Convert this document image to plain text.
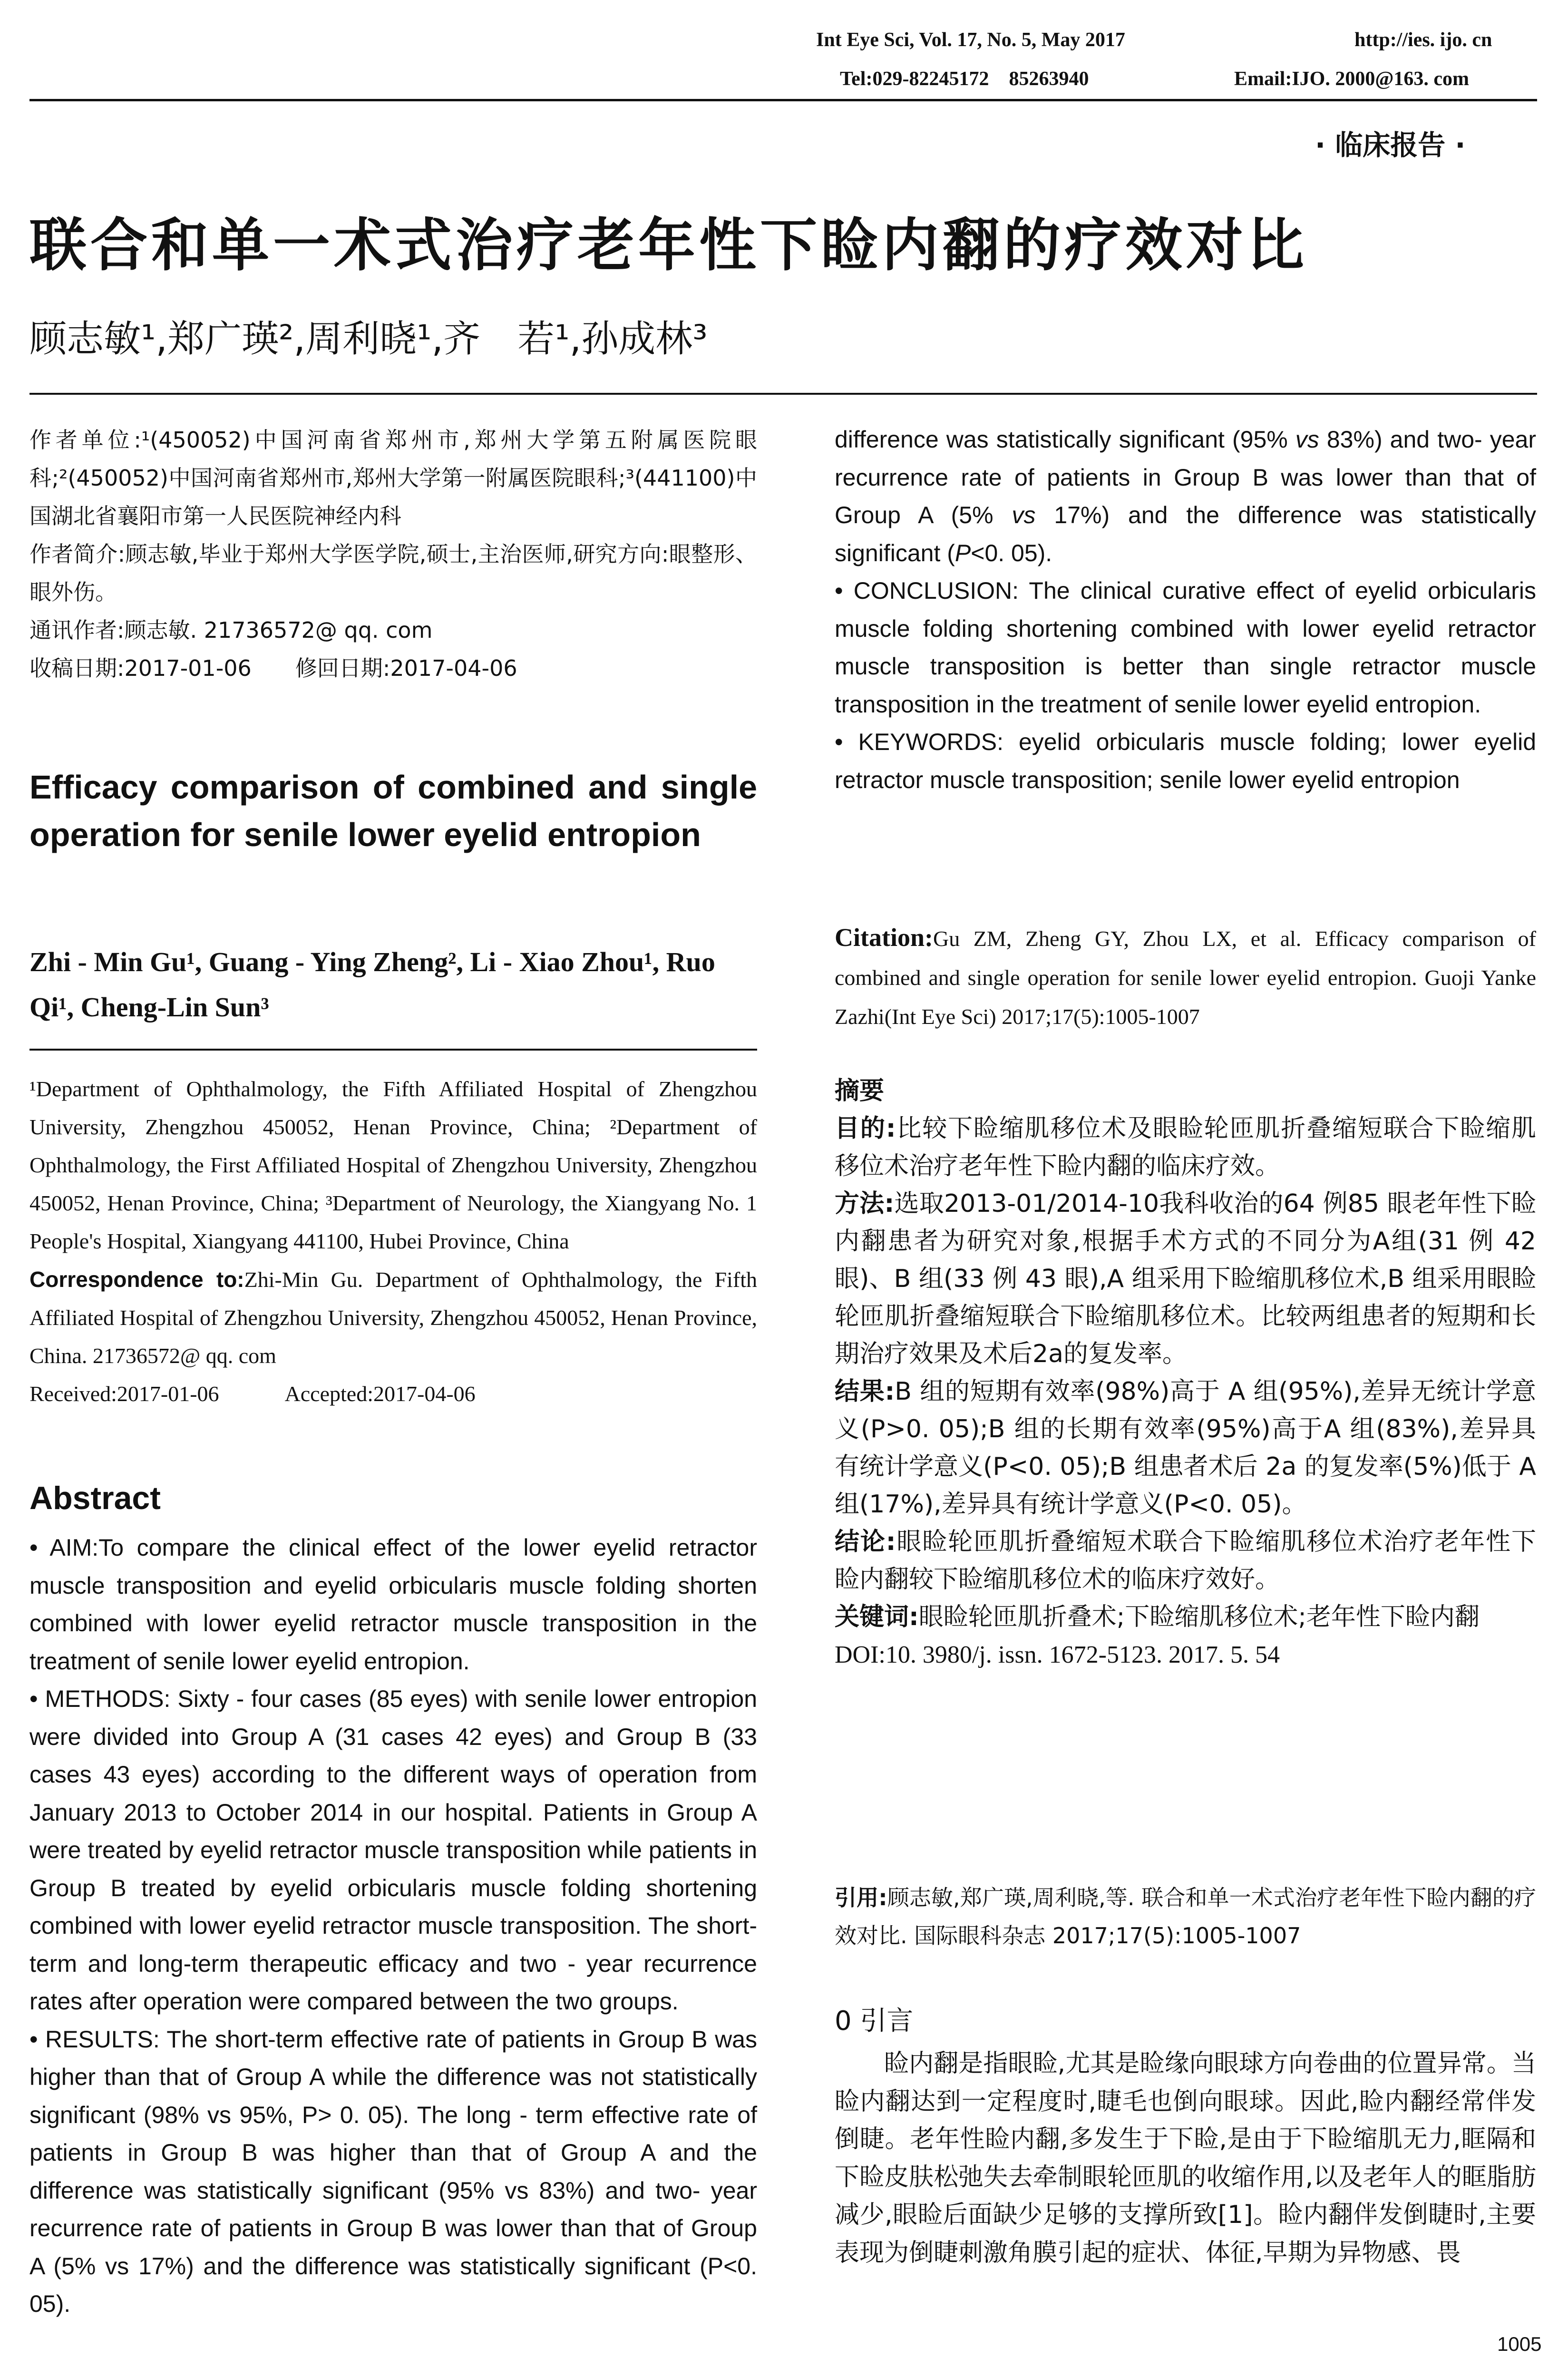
Int Eye Sci, Vol. 17, No. 5, May 2017	http://ies. ijo. cn
Tel:029-82245172    85263940	Email:IJO. 2000@163. com
· 临床报告 ·
联合和单一术式治疗老年性下睑内翻的疗效对比
顾志敏¹,郑广瑛²,周利晓¹,齐　若¹,孙成林³

作者单位:¹(450052)中国河南省郑州市,郑州大学第五附属医院眼科;²(450052)中国河南省郑州市,郑州大学第一附属医院眼科;³(441100)中国湖北省襄阳市第一人民医院神经内科

作者简介:顾志敏,毕业于郑州大学医学院,硕士,主治医师,研究方向:眼整形、眼外伤。

通讯作者:顾志敏. 21736572@ qq. com

收稿日期:2017-01-06　　修回日期:2017-04-06

Efficacy comparison of combined and single operation for senile lower eyelid entropion
Zhi - Min Gu¹, Guang - Ying Zheng², Li - Xiao Zhou¹, Ruo Qi¹, Cheng-Lin Sun³

¹Department of Ophthalmology, the Fifth Affiliated Hospital of Zhengzhou University, Zhengzhou 450052, Henan Province, China; ²Department of Ophthalmology, the First Affiliated Hospital of Zhengzhou University, Zhengzhou 450052, Henan Province, China; ³Department of Neurology, the Xiangyang No. 1 People's Hospital, Xiangyang 441100, Hubei Province, China

Correspondence to:Zhi-Min Gu. Department of Ophthalmology, the Fifth Affiliated Hospital of Zhengzhou University, Zhengzhou 450052, Henan Province, China. 21736572@ qq. com

Received:2017-01-06　　　Accepted:2017-04-06

Abstract

• AIM:To compare the clinical effect of the lower eyelid retractor muscle transposition and eyelid orbicularis muscle folding shorten combined with lower eyelid retractor muscle transposition in the treatment of senile lower eyelid entropion.

• METHODS: Sixty - four cases (85 eyes) with senile lower entropion were divided into Group A (31 cases 42 eyes) and Group B (33 cases 43 eyes) according to the different ways of operation from January 2013 to October 2014 in our hospital. Patients in Group A were treated by eyelid retractor muscle transposition while patients in Group B treated by eyelid orbicularis muscle folding shortening combined with lower eyelid retractor muscle transposition. The short-term and long-term therapeutic efficacy and two - year recurrence rates after operation were compared between the two groups.

• RESULTS: The short-term effective rate of patients in Group B was higher than that of Group A while the difference was not statistically significant (98% vs 95%, P> 0. 05). The long - term effective rate of patients in Group B was higher than that of Group A and the difference was statistically significant (95% vs 83%) and two- year recurrence rate of patients in Group B was lower than that of Group A (5% vs 17%) and the difference was statistically significant (P<0. 05).

difference was statistically significant (95% vs 83%) and two- year recurrence rate of patients in Group B was lower than that of Group A (5% vs 17%) and the difference was statistically significant (P<0. 05).

• CONCLUSION: The clinical curative effect of eyelid orbicularis muscle folding shortening combined with lower eyelid retractor muscle transposition is better than single retractor muscle transposition in the treatment of senile lower eyelid entropion.

• KEYWORDS: eyelid orbicularis muscle folding; lower eyelid retractor muscle transposition; senile lower eyelid entropion

Citation:Gu ZM, Zheng GY, Zhou LX, et al. Efficacy comparison of combined and single operation for senile lower eyelid entropion. Guoji Yanke Zazhi(Int Eye Sci) 2017;17(5):1005-1007

摘要

目的:比较下睑缩肌移位术及眼睑轮匝肌折叠缩短联合下睑缩肌移位术治疗老年性下睑内翻的临床疗效。

方法:选取2013-01/2014-10我科收治的64 例85 眼老年性下睑内翻患者为研究对象,根据手术方式的不同分为A组(31 例 42 眼)、B 组(33 例 43 眼),A 组采用下睑缩肌移位术,B 组采用眼睑轮匝肌折叠缩短联合下睑缩肌移位术。比较两组患者的短期和长期治疗效果及术后2a的复发率。

结果:B 组的短期有效率(98%)高于 A 组(95%),差异无统计学意义(P>0. 05);B 组的长期有效率(95%)高于A 组(83%),差异具有统计学意义(P<0. 05);B 组患者术后 2a 的复发率(5%)低于 A 组(17%),差异具有统计学意义(P<0. 05)。

结论:眼睑轮匝肌折叠缩短术联合下睑缩肌移位术治疗老年性下睑内翻较下睑缩肌移位术的临床疗效好。

关键词:眼睑轮匝肌折叠术;下睑缩肌移位术;老年性下睑内翻

DOI:10. 3980/j. issn. 1672-5123. 2017. 5. 54

引用:顾志敏,郑广瑛,周利晓,等. 联合和单一术式治疗老年性下睑内翻的疗效对比. 国际眼科杂志 2017;17(5):1005-1007
0 引言
睑内翻是指眼睑,尤其是睑缘向眼球方向卷曲的位置异常。当睑内翻达到一定程度时,睫毛也倒向眼球。因此,睑内翻经常伴发倒睫。老年性睑内翻,多发生于下睑,是由于下睑缩肌无力,眶隔和下睑皮肤松弛失去牵制眼轮匝肌的收缩作用,以及老年人的眶脂肪减少,眼睑后面缺少足够的支撑所致[1]。睑内翻伴发倒睫时,主要表现为倒睫刺激角膜引起的症状、体征,早期为异物感、畏
1005
